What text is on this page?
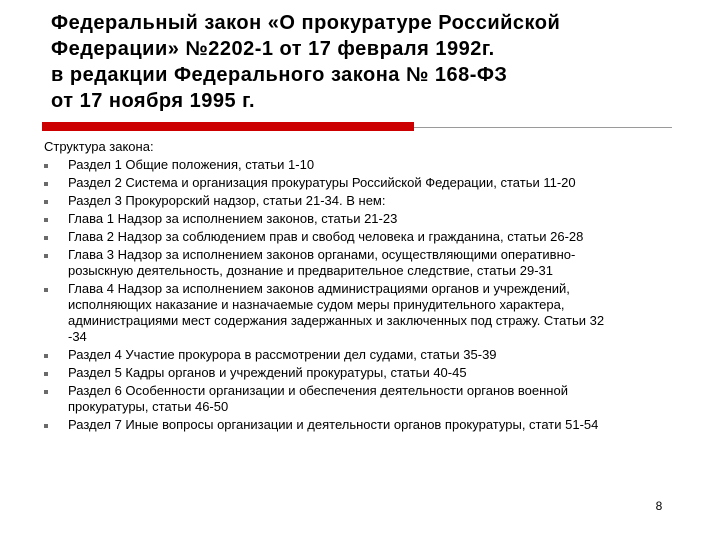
Федеральный закон «О прокуратуре Российской
Федерации» №2202-1 от 17 февраля 1992г.
в редакции Федерального закона № 168-ФЗ
от 17 ноября 1995 г.
Структура закона:
Раздел 1 Общие положения, статьи 1-10
Раздел 2 Система и организация прокуратуры Российской Федерации, статьи 11-20
Раздел 3 Прокурорский надзор, статьи 21-34. В нем:
Глава 1 Надзор за исполнением законов, статьи 21-23
Глава 2 Надзор за соблюдением прав и свобод человека и гражданина, статьи 26-28
Глава 3 Надзор за исполнением законов органами, осуществляющими оперативно-
розыскную деятельность, дознание и предварительное следствие, статьи 29-31
Глава 4 Надзор за исполнением законов администрациями органов и учреждений,
исполняющих наказание и назначаемые судом меры принудительного характера,
администрациями мест содержания задержанных и заключенных под стражу. Статьи 32
-34
Раздел 4 Участие прокурора в рассмотрении дел судами, статьи 35-39
Раздел 5 Кадры органов и учреждений прокуратуры, статьи 40-45
Раздел 6 Особенности организации и обеспечения деятельности органов военной
прокуратуры, статьи 46-50
Раздел 7 Иные вопросы организации и деятельности органов прокуратуры, стати 51-54
8
